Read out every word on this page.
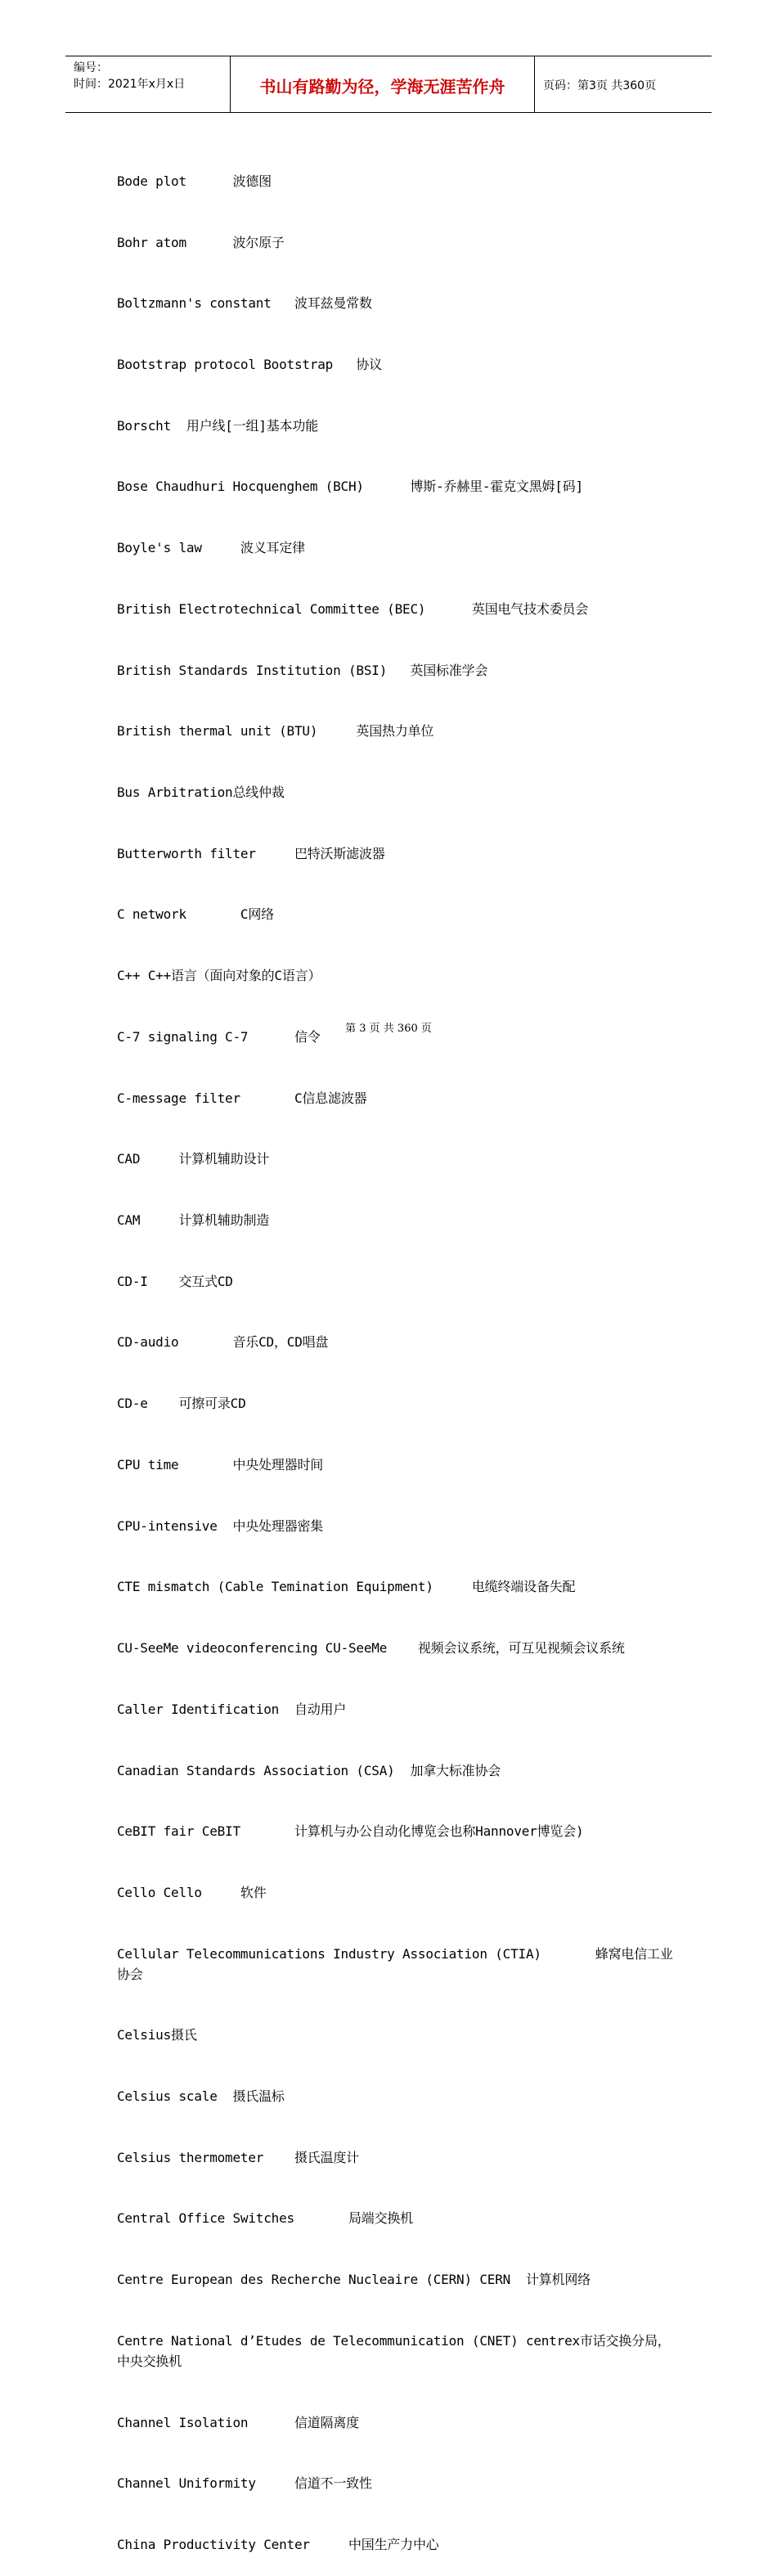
编号：
时间：2021年x月x日	书山有路勤为径，学海无涯苦作舟	页码：第3页 共360页

Bode plot      波德图

Bohr atom      波尔原子

Boltzmann's constant   波耳兹曼常数

Bootstrap protocol Bootstrap   协议

Borscht  用户线[一组]基本功能

Bose Chaudhuri Hocquenghem (BCH)      博斯-乔赫里-霍克文黑姆[码]

Boyle's law     波义耳定律

British Electrotechnical Committee (BEC)      英国电气技术委员会

British Standards Institution (BSI)   英国标准学会

British thermal unit (BTU)     英国热力单位

Bus Arbitration总线仲裁

Butterworth filter     巴特沃斯滤波器

C network       C网络

C++ C++语言（面向对象的C语言）

C-7 signaling C-7      信令

C-message filter       C信息滤波器

CAD     计算机辅助设计

CAM     计算机辅助制造

CD-I    交互式CD

CD-audio       音乐CD，CD唱盘

CD-e    可擦可录CD

CPU time       中央处理器时间

CPU-intensive  中央处理器密集

CTE mismatch (Cable Temination Equipment)     电缆终端设备失配

CU-SeeMe videoconferencing CU-SeeMe    视频会议系统，可互见视频会议系统

Caller Identification  自动用户

Canadian Standards Association (CSA)  加拿大标准协会

CeBIT fair CeBIT       计算机与办公自动化博览会也称Hannover博览会)

Cello Cello     软件

Cellular Telecommunications Industry Association (CTIA)       蜂窝电信工业协会

Celsius摄氏

Celsius scale  摄氏温标

Celsius thermometer    摄氏温度计

Central Office Switches       局端交换机

Centre European des Recherche Nucleaire (CERN) CERN  计算机网络

Centre National d’Etudes de Telecommunication (CNET) centrex市话交换分局，中央交换机

Channel Isolation      信道隔离度

Channel Uniformity     信道不一致性

China Productivity Center     中国生产力中心

第 3 页 共 360 页
